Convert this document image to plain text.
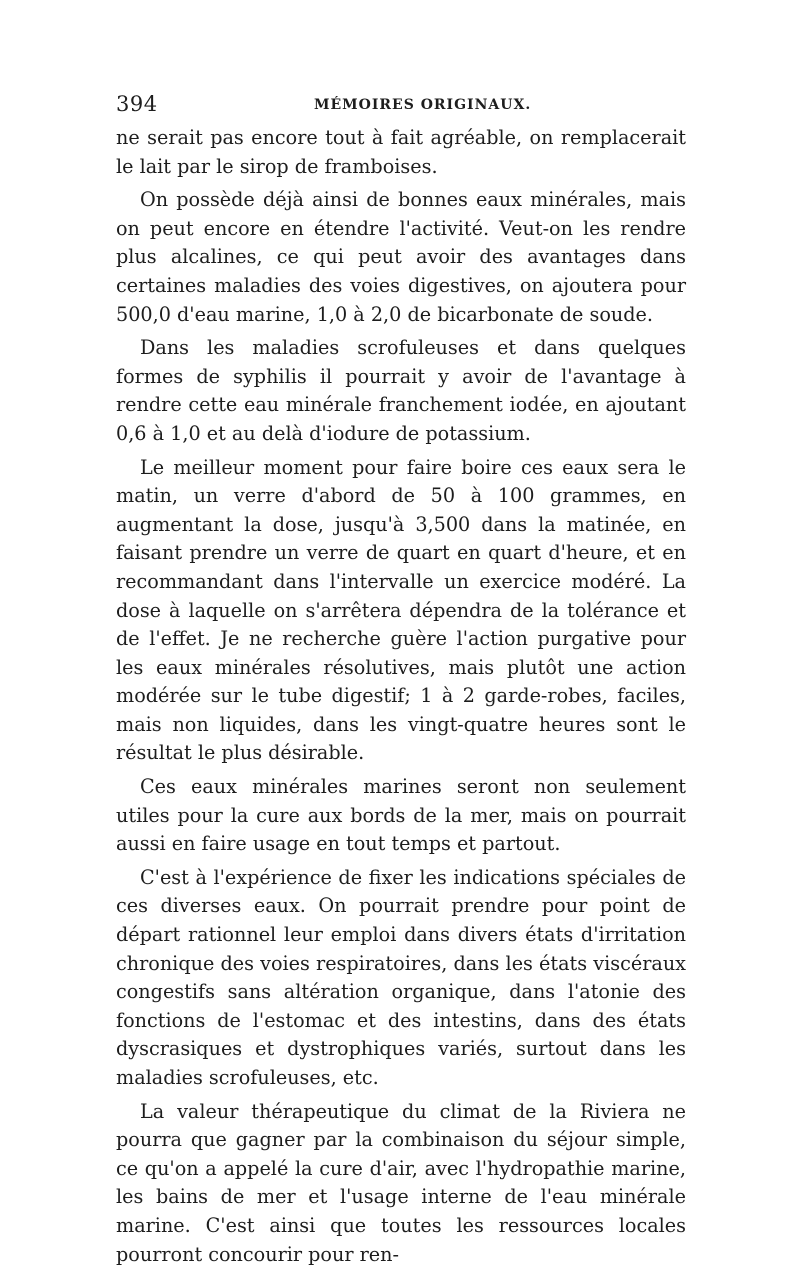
394	MÉMOIRES ORIGINAUX.

ne serait pas encore tout à fait agréable, on remplacerait le lait par le sirop de framboises.

On possède déjà ainsi de bonnes eaux minérales, mais on peut encore en étendre l'activité. Veut-on les rendre plus alcalines, ce qui peut avoir des avantages dans certaines maladies des voies digestives, on ajoutera pour 500,0 d'eau marine, 1,0 à 2,0 de bicarbonate de soude.

Dans les maladies scrofuleuses et dans quelques formes de syphilis il pourrait y avoir de l'avantage à rendre cette eau minérale franchement iodée, en ajoutant 0,6 à 1,0 et au delà d'iodure de potassium.

Le meilleur moment pour faire boire ces eaux sera le matin, un verre d'abord de 50 à 100 grammes, en augmentant la dose, jusqu'à 3,500 dans la matinée, en faisant prendre un verre de quart en quart d'heure, et en recommandant dans l'intervalle un exercice modéré. La dose à laquelle on s'arrêtera dépendra de la tolérance et de l'effet. Je ne recherche guère l'action purgative pour les eaux minérales résolutives, mais plutôt une action modérée sur le tube digestif; 1 à 2 garde-robes, faciles, mais non liquides, dans les vingt-quatre heures sont le résultat le plus désirable.

Ces eaux minérales marines seront non seulement utiles pour la cure aux bords de la mer, mais on pourrait aussi en faire usage en tout temps et partout.

C'est à l'expérience de fixer les indications spéciales de ces diverses eaux. On pourrait prendre pour point de départ rationnel leur emploi dans divers états d'irritation chronique des voies respiratoires, dans les états viscéraux congestifs sans altération organique, dans l'atonie des fonctions de l'estomac et des intestins, dans des états dyscrasiques et dystrophiques variés, surtout dans les maladies scrofuleuses, etc.

La valeur thérapeutique du climat de la Riviera ne pourra que gagner par la combinaison du séjour simple, ce qu'on a appelé la cure d'air, avec l'hydropathie marine, les bains de mer et l'usage interne de l'eau minérale marine. C'est ainsi que toutes les ressources locales pourront concourir pour ren-
